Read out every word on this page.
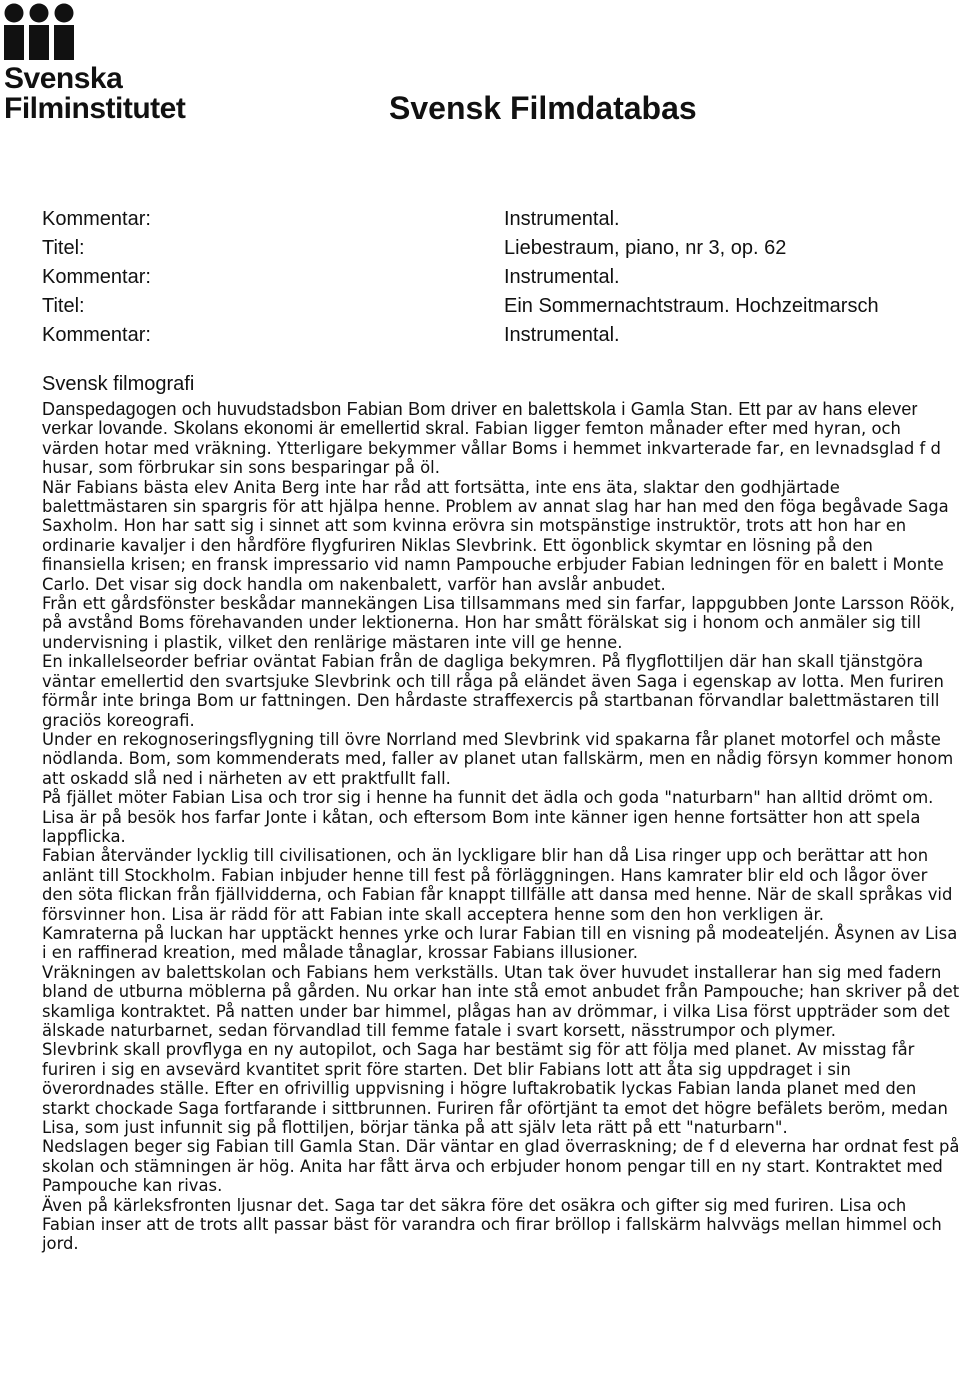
Svenska
Filminstitutet	Svensk Filmdatabas
Kommentar:	Instrumental.
Titel:	Liebestraum, piano, nr 3, op. 62
Kommentar:	Instrumental.
Titel:	Ein Sommernachtstraum. Hochzeitmarsch
Kommentar:	Instrumental.
Svensk filmografi

Danspedagogen och huvudstadsbon Fabian Bom driver en balettskola i Gamla Stan. Ett par av hans elever verkar lovande. Skolans ekonomi är emellertid skral. Fabian ligger femton månader efter med hyran, och värden hotar med vräkning. Ytterligare bekymmer vållar Boms i hemmet inkvarterade far, en levnadsglad f d husar, som förbrukar sin sons besparingar på öl.

När Fabians bästa elev Anita Berg inte har råd att fortsätta, inte ens äta, slaktar den godhjärtade balettmästaren sin spargris för att hjälpa henne. Problem av annat slag har han med den föga begåvade Saga Saxholm. Hon har satt sig i sinnet att som kvinna erövra sin motspänstige instruktör, trots att hon har en ordinarie kavaljer i den hårdföre flygfuriren Niklas Slevbrink. Ett ögonblick skymtar en lösning på den finansiella krisen; en fransk impressario vid namn Pampouche erbjuder Fabian ledningen för en balett i Monte Carlo. Det visar sig dock handla om nakenbalett, varför han avslår anbudet.

Från ett gårdsfönster beskådar mannekängen Lisa tillsammans med sin farfar, lappgubben Jonte Larsson Röök, på avstånd Boms förehavanden under lektionerna. Hon har smått förälskat sig i honom och anmäler sig till undervisning i plastik, vilket den renlärige mästaren inte vill ge henne.

En inkallelseorder befriar oväntat Fabian från de dagliga bekymren. På flygflottiljen där han skall tjänstgöra väntar emellertid den svartsjuke Slevbrink och till råga på eländet även Saga i egenskap av lotta. Men furiren förmår inte bringa Bom ur fattningen. Den hårdaste straffexercis på startbanan förvandlar balettmästaren till graciös koreografi.

Under en rekognoseringsflygning till övre Norrland med Slevbrink vid spakarna får planet motorfel och måste nödlanda. Bom, som kommenderats med, faller av planet utan fallskärm, men en nådig försyn kommer honom att oskadd slå ned i närheten av ett praktfullt fall.

På fjället möter Fabian Lisa och tror sig i henne ha funnit det ädla och goda "naturbarn" han alltid drömt om. Lisa är på besök hos farfar Jonte i kåtan, och eftersom Bom inte känner igen henne fortsätter hon att spela lappflicka.

Fabian återvänder lycklig till civilisationen, och än lyckligare blir han då Lisa ringer upp och berättar att hon anlänt till Stockholm. Fabian inbjuder henne till fest på förläggningen. Hans kamrater blir eld och lågor över den söta flickan från fjällvidderna, och Fabian får knappt tillfälle att dansa med henne. När de skall språkas vid försvinner hon. Lisa är rädd för att Fabian inte skall acceptera henne som den hon verkligen är.

Kamraterna på luckan har upptäckt hennes yrke och lurar Fabian till en visning på modeateljén. Åsynen av Lisa i en raffinerad kreation, med målade tånaglar, krossar Fabians illusioner.

Vräkningen av balettskolan och Fabians hem verkställs. Utan tak över huvudet installerar han sig med fadern bland de utburna möblerna på gården. Nu orkar han inte stå emot anbudet från Pampouche; han skriver på det skamliga kontraktet. På natten under bar himmel, plågas han av drömmar, i vilka Lisa först uppträder som det älskade naturbarnet, sedan förvandlad till femme fatale i svart korsett, nässtrumpor och plymer.

Slevbrink skall provflyga en ny autopilot, och Saga har bestämt sig för att följa med planet. Av misstag får furiren i sig en avsevärd kvantitet sprit före starten. Det blir Fabians lott att åta sig uppdraget i sin överordnades ställe. Efter en ofrivillig uppvisning i högre luftakrobatik lyckas Fabian landa planet med den starkt chockade Saga fortfarande i sittbrunnen. Furiren får oförtjänt ta emot det högre befälets beröm, medan Lisa, som just infunnit sig på flottiljen, börjar tänka på att själv leta rätt på ett "naturbarn".

Nedslagen beger sig Fabian till Gamla Stan. Där väntar en glad överraskning; de f d eleverna har ordnat fest på skolan och stämningen är hög. Anita har fått ärva och erbjuder honom pengar till en ny start. Kontraktet med Pampouche kan rivas.

Även på kärleksfronten ljusnar det. Saga tar det säkra före det osäkra och gifter sig med furiren. Lisa och Fabian inser att de trots allt passar bäst för varandra och firar bröllop i fallskärm halvvägs mellan himmel och jord.
